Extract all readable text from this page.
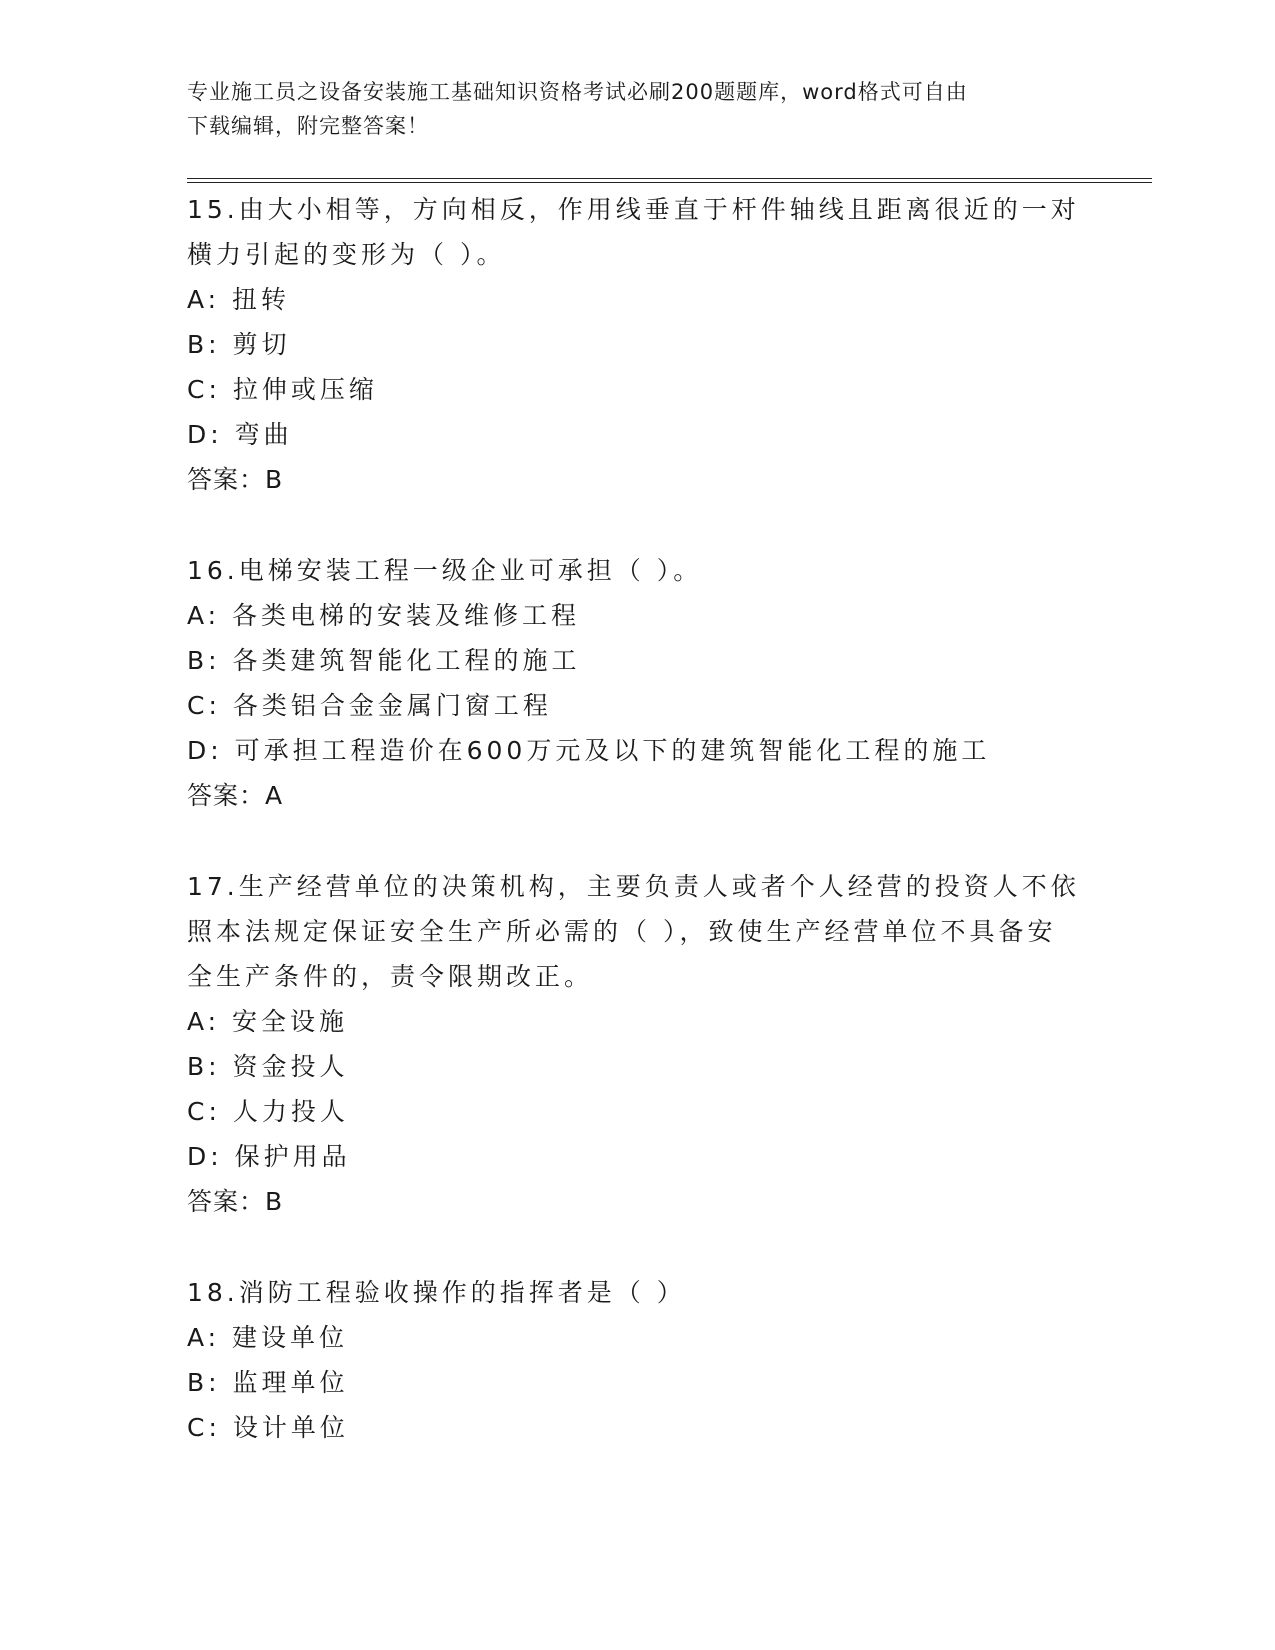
专业施工员之设备安装施工基础知识资格考试必刷200题题库，word格式可自由
下载编辑，附完整答案！

15.由大小相等，方向相反，作用线垂直于杆件轴线且距离很近的一对

横力引起的变形为（ ）。

A: 扭转

B: 剪切

C: 拉伸或压缩

D: 弯曲

答案：B

16.电梯安装工程一级企业可承担（ ）。

A: 各类电梯的安装及维修工程

B: 各类建筑智能化工程的施工

C: 各类铝合金金属门窗工程

D: 可承担工程造价在600万元及以下的建筑智能化工程的施工

答案：A

17.生产经营单位的决策机构，主要负责人或者个人经营的投资人不依

照本法规定保证安全生产所必需的（ ），致使生产经营单位不具备安

全生产条件的，责令限期改正。

A: 安全设施

B: 资金投人

C: 人力投人

D: 保护用品

答案：B

18.消防工程验收操作的指挥者是（ ）

A: 建设单位

B: 监理单位

C: 设计单位
